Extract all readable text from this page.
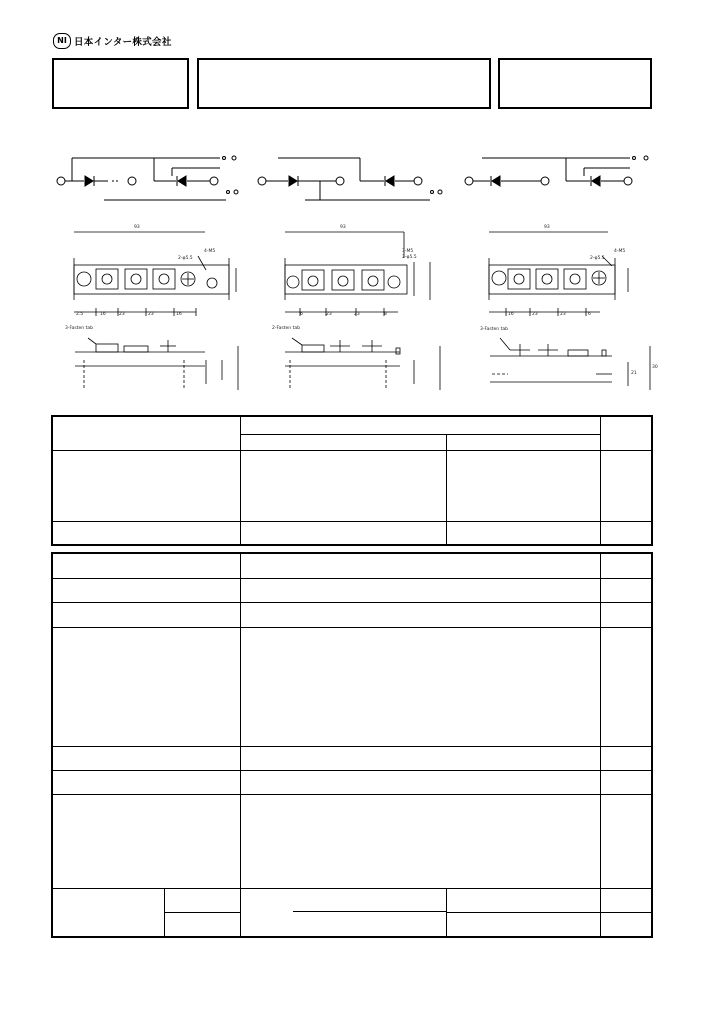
NI 日本インター株式会社
93
2-φ5.5
4-M5
16	23	23	16
2.5
3-Fasten tab
93
2-φ5.5
3-M5
6	23	23	8
2-Fasten tab
93
2-φ5.5
4-M5
16	23	23	6
3-Fasten tab
21
30
